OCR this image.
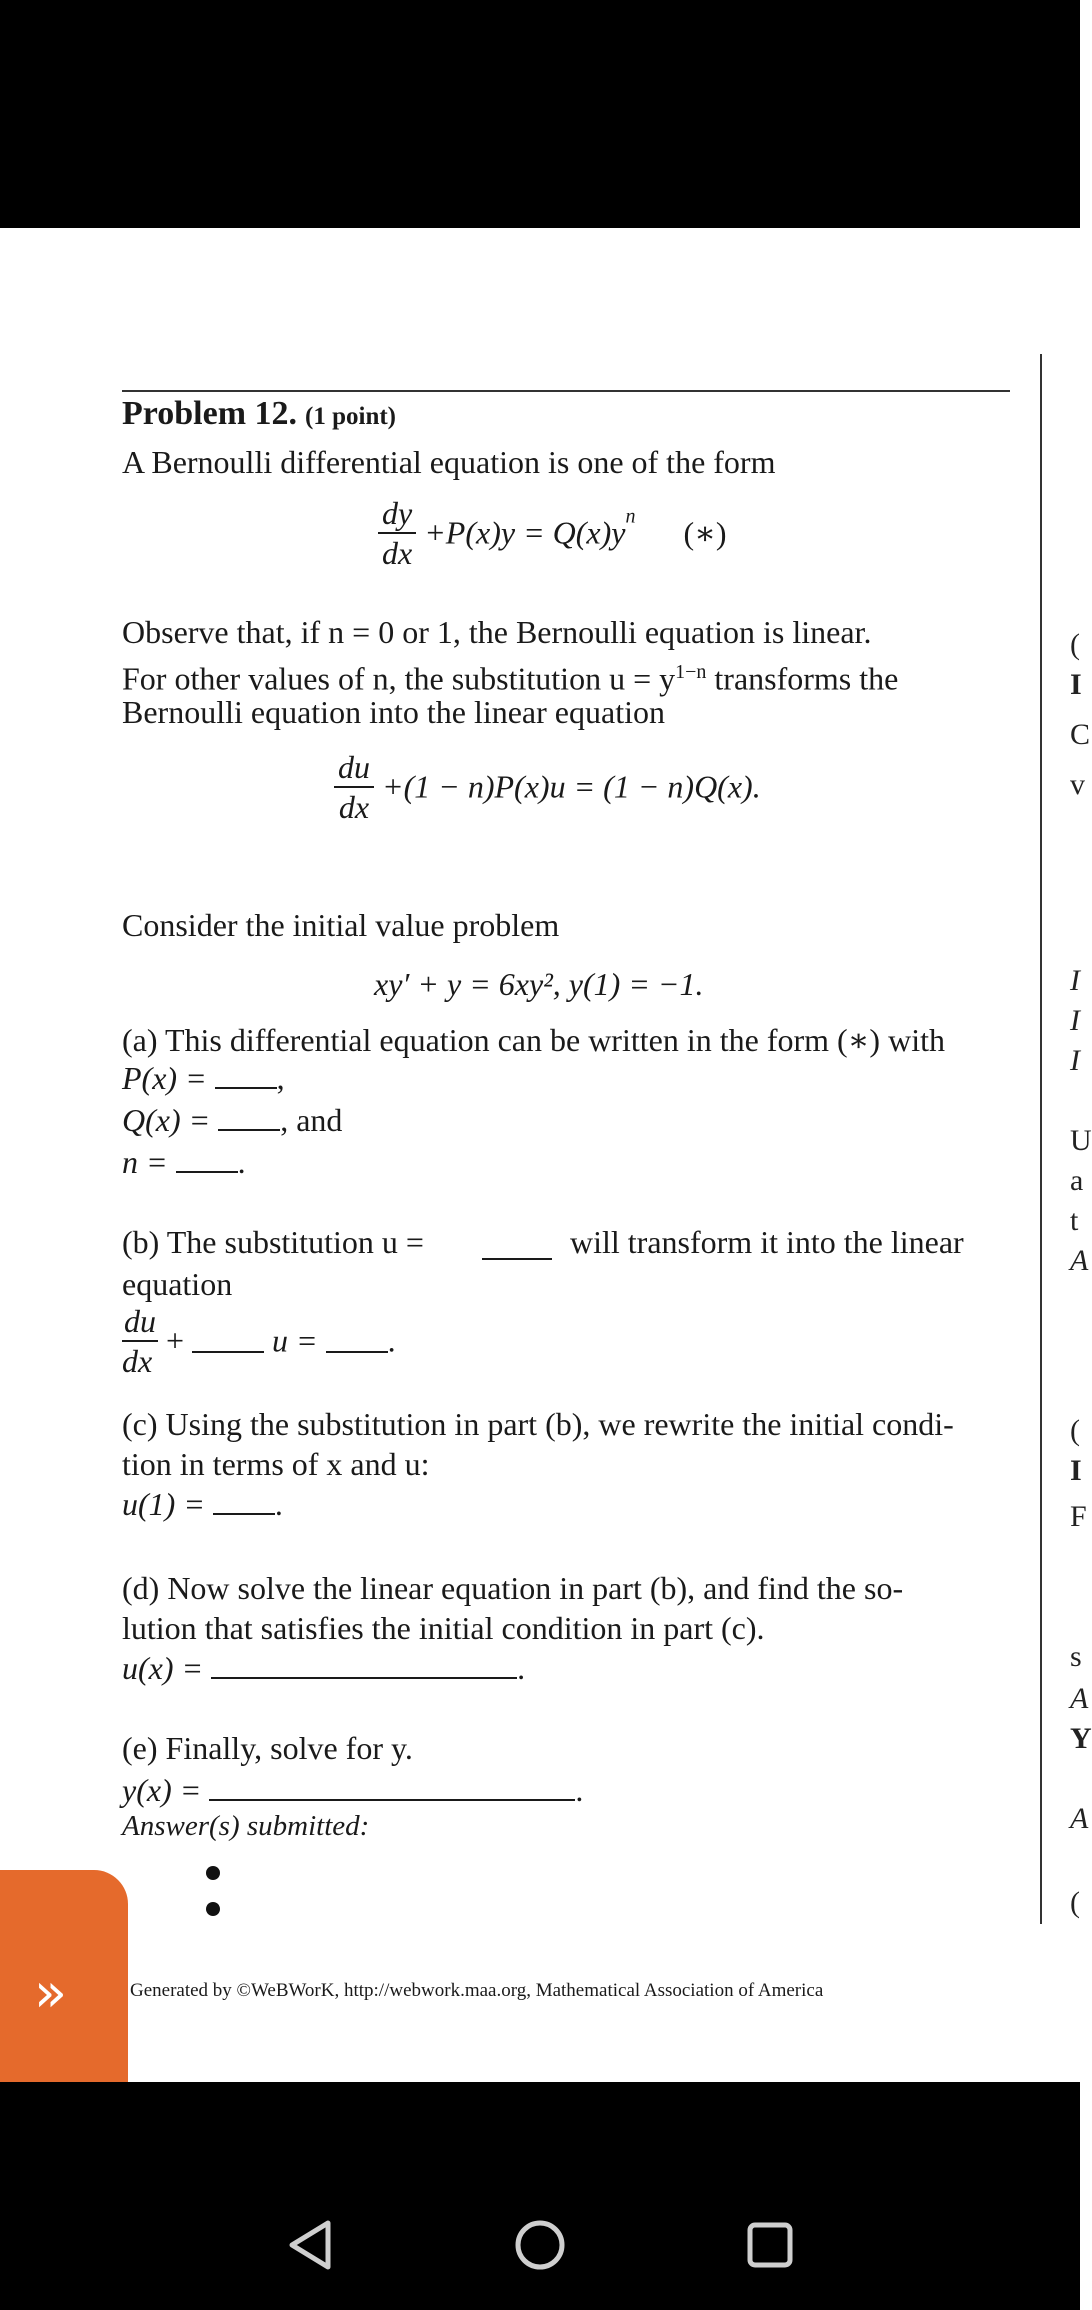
Problem 12. (1 point)
A Bernoulli differential equation is one of the form
$\frac{dy}{dx} +P(x)y = Q(x)y^n$ (∗)
Observe that, if n = 0 or 1, the Bernoulli equation is linear.
For other values of n, the substitution $u = y^{1-n}$ transforms the
Bernoulli equation into the linear equation
$\frac{du}{dx} +(1 - n)P(x)u = (1 - n)Q(x)$.
Consider the initial value problem
xy′ + y = 6xy², y(1) = −1.
(a) This differential equation can be written in the form (∗) with
P(x) = ,
Q(x) = , and
n = .
(b) The substitution u =	will transform it into the linear
equation
$\frac{du}{dx}$ +	u = .
(c) Using the substitution in part (b), we rewrite the initial condi-
tion in terms of x and u:
u(1) = .
(d) Now solve the linear equation in part (b), and find the so-
lution that satisfies the initial condition in part (c).
u(x) =	.
(e) Finally, solve for y.
y(x) =	.
Answer(s) submitted:
(
I
C
v
I
I
I
U
a
t
A
(
I
F
s
A
Y
A
(
Generated by ©WeBWorK, http://webwork.maa.org, Mathematical Association of America
»
